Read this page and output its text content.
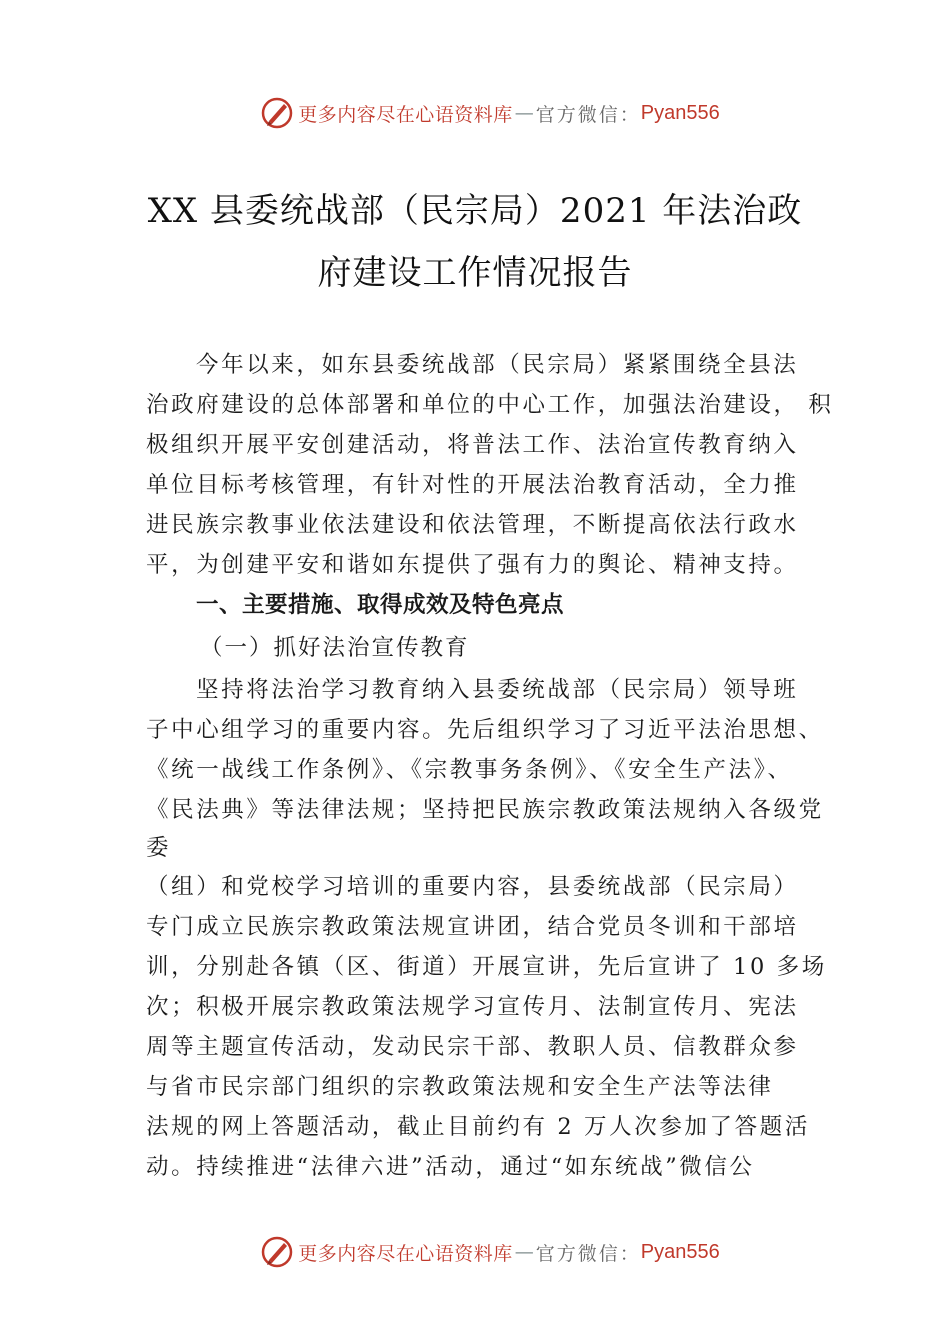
更多内容尽在心语资料库 — 官方微信： Pyan556
XX 县委统战部（民宗局）2021 年法治政
府建设工作情况报告
今年以来，如东县委统战部（民宗局）紧紧围绕全县法
治政府建设的总体部署和单位的中心工作，加强法治建设， 积
极组织开展平安创建活动，将普法工作、法治宣传教育纳入
单位目标考核管理，有针对性的开展法治教育活动，全力推
进民族宗教事业依法建设和依法管理，不断提高依法行政水
平，为创建平安和谐如东提供了强有力的舆论、精神支持。
一、主要措施、取得成效及特色亮点
（一）抓好法治宣传教育
坚持将法治学习教育纳入县委统战部（民宗局）领导班
子中心组学习的重要内容。先后组织学习了习近平法治思想、
《统一战线工作条例》、《宗教事务条例》、《安全生产法》、
《民法典》等法律法规；坚持把民族宗教政策法规纳入各级党
委
（组）和党校学习培训的重要内容，县委统战部（民宗局）
专门成立民族宗教政策法规宣讲团，结合党员冬训和干部培
训，分别赴各镇（区、街道）开展宣讲，先后宣讲了 10 多场
次；积极开展宗教政策法规学习宣传月、法制宣传月、宪法
周等主题宣传活动，发动民宗干部、教职人员、信教群众参
与省市民宗部门组织的宗教政策法规和安全生产法等法律
法规的网上答题活动，截止目前约有 2 万人次参加了答题活
动。持续推进“法律六进”活动，通过“如东统战”微信公
更多内容尽在心语资料库 — 官方微信： Pyan556
